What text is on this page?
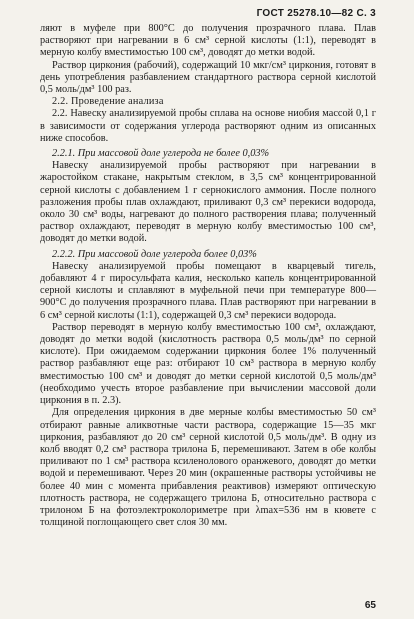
ГОСТ 25278.10—82 С. 3

ляют в муфеле при 800°С до получения прозрачного плава. Плав растворяют при нагревании в 6 см³ серной кислоты (1:1), переводят в мерную колбу вместимостью 100 см³, доводят до метки водой.

Раствор циркония (рабочий), содержащий 10 мкг/см³ циркония, готовят в день употребления разбавлением стандартного раствора серной кислотой 0,5 моль/дм³ 100 раз.

2.2. Проведение анализа

2.2. Навеску анализируемой пробы сплава на основе ниобия массой 0,1 г в зависимости от содержания углерода растворяют одним из описанных ниже способов.

2.2.1. При массовой доле углерода не более 0,03%

Навеску анализируемой пробы растворяют при нагревании в жаростойком стакане, накрытым стеклом, в 3,5 см³ концентрированной серной кислоты с добавлением 1 г сернокислого аммония. После полного разложения пробы плав охлаждают, приливают 0,3 см³ перекиси водорода, около 30 см³ воды, нагревают до полного растворения плава; полученный раствор охлаждают, переводят в мерную колбу вместимостью 100 см³, доводят до метки водой.

2.2.2. При массовой доле углерода более 0,03%

Навеску анализируемой пробы помещают в кварцевый тигель, добавляют 4 г пиросульфата калия, несколько капель концентрированной серной кислоты и сплавляют в муфельной печи при температуре 800—900°С до получения прозрачного плава. Плав растворяют при нагревании в 6 см³ серной кислоты (1:1), содержащей 0,3 см³ перекиси водорода.

Раствор переводят в мерную колбу вместимостью 100 см³, охлаждают, доводят до метки водой (кислотность раствора 0,5 моль/дм³ по серной кислоте). При ожидаемом содержании циркония более 1% полученный раствор разбавляют еще раз: отбирают 10 см³ раствора в мерную колбу вместимостью 100 см³ и доводят до метки серной кислотой 0,5 моль/дм³ (необходимо учесть второе разбавление при вычислении массовой доли циркония в п. 2.3).

Для определения циркония в две мерные колбы вместимостью 50 см³ отбирают равные аликвотные части раствора, содержащие 15—35 мкг циркония, разбавляют до 20 см³ серной кислотой 0,5 моль/дм³. В одну из колб вводят 0,2 см³ раствора трилона Б, перемешивают. Затем в обе колбы приливают по 1 см³ раствора ксиленолового оранжевого, доводят до метки водой и перемешивают. Через 20 мин (окрашенные растворы устойчивы не более 40 мин с момента прибавления реактивов) измеряют оптическую плотность раствора, не содержащего трилона Б, относительно раствора с трилоном Б на фотоэлектроколориметре при λmax=536 нм в кювете с толщиной поглощающего свет слоя 30 мм.

65
